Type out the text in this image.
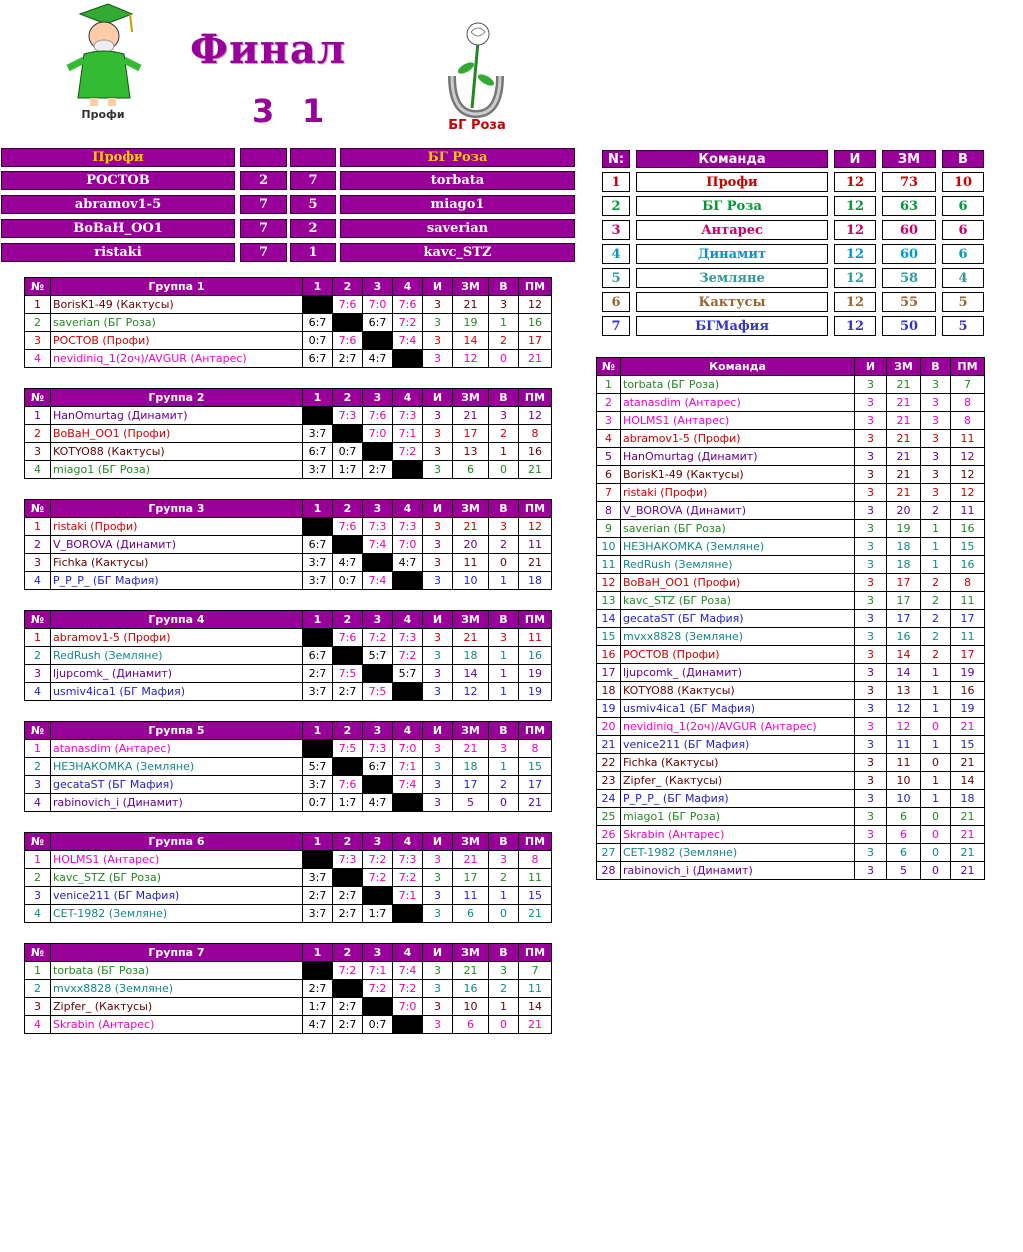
Профи
Финал
3 1	БГ Роза
Профи	БГ Роза
РОСТОВ	2	7	torbata
abramov1-5	7	5	miago1
BoBaH_OO1	7	2	saverian
ristaki	7	1	kavc_STZ
N:	Команда	И	ЗМ	В
1	Профи	12	73	10
2	БГ Роза	12	63	6
3	Антарес	12	60	6
4	Динамит	12	60	6
5	Земляне	12	58	4
6	Кактусы	12	55	5
7	БГМафия	12	50	5
№	Группа 1	1	2	3	4	И	ЗМ	В	ПМ
1	BorisK1-49 (Кактусы)		7:6	7:0	7:6	3	21	3	12
2	saverian (БГ Роза)	6:7		6:7	7:2	3	19	1	16
3	РОСТОВ (Профи)	0:7	7:6		7:4	3	14	2	17
4	nevidiniq_1(2оч)/AVGUR (Антарес)	6:7	2:7	4:7		3	12	0	21
№	Группа 2	1	2	3	4	И	ЗМ	В	ПМ
1	HanOmurtag (Динамит)		7:3	7:6	7:3	3	21	3	12
2	BoBaH_OO1 (Профи)	3:7		7:0	7:1	3	17	2	8
3	KOTYO88 (Кактусы)	6:7	0:7		7:2	3	13	1	16
4	miago1 (БГ Роза)	3:7	1:7	2:7		3	6	0	21
№	Группа 3	1	2	3	4	И	ЗМ	В	ПМ
1	ristaki (Профи)		7:6	7:3	7:3	3	21	3	12
2	V_BOROVA (Динамит)	6:7		7:4	7:0	3	20	2	11
3	Fichka (Кактусы)	3:7	4:7		4:7	3	11	0	21
4	P_P_P_ (БГ Мафия)	3:7	0:7	7:4		3	10	1	18
№	Группа 4	1	2	3	4	И	ЗМ	В	ПМ
1	abramov1-5 (Профи)		7:6	7:2	7:3	3	21	3	11
2	RedRush (Земляне)	6:7		5:7	7:2	3	18	1	16
3	ljupcomk_ (Динамит)	2:7	7:5		5:7	3	14	1	19
4	usmiv4ica1 (БГ Мафия)	3:7	2:7	7:5		3	12	1	19
№	Группа 5	1	2	3	4	И	ЗМ	В	ПМ
1	atanasdim (Антарес)		7:5	7:3	7:0	3	21	3	8
2	НЕЗНАКОМКА (Земляне)	5:7		6:7	7:1	3	18	1	15
3	gecataST (БГ Мафия)	3:7	7:6		7:4	3	17	2	17
4	rabinovich_i (Динамит)	0:7	1:7	4:7		3	5	0	21
№	Группа 6	1	2	3	4	И	ЗМ	В	ПМ
1	HOLMS1 (Антарес)		7:3	7:2	7:3	3	21	3	8
2	kavc_STZ (БГ Роза)	3:7		7:2	7:2	3	17	2	11
3	venice211 (БГ Мафия)	2:7	2:7		7:1	3	11	1	15
4	CET-1982 (Земляне)	3:7	2:7	1:7		3	6	0	21
№	Группа 7	1	2	3	4	И	ЗМ	В	ПМ
1	torbata (БГ Роза)		7:2	7:1	7:4	3	21	3	7
2	mvxx8828 (Земляне)	2:7		7:2	7:2	3	16	2	11
3	Zipfer_ (Кактусы)	1:7	2:7		7:0	3	10	1	14
4	Skrabin (Антарес)	4:7	2:7	0:7		3	6	0	21
№	Команда	И	ЗМ	В	ПМ
1	torbata (БГ Роза)	3	21	3	7
2	atanasdim (Антарес)	3	21	3	8
3	HOLMS1 (Антарес)	3	21	3	8
4	abramov1-5 (Профи)	3	21	3	11
5	HanOmurtag (Динамит)	3	21	3	12
6	BorisK1-49 (Кактусы)	3	21	3	12
7	ristaki (Профи)	3	21	3	12
8	V_BOROVA (Динамит)	3	20	2	11
9	saverian (БГ Роза)	3	19	1	16
10	НЕЗНАКОМКА (Земляне)	3	18	1	15
11	RedRush (Земляне)	3	18	1	16
12	BoBaH_OO1 (Профи)	3	17	2	8
13	kavc_STZ (БГ Роза)	3	17	2	11
14	gecataST (БГ Мафия)	3	17	2	17
15	mvxx8828 (Земляне)	3	16	2	11
16	РОСТОВ (Профи)	3	14	2	17
17	ljupcomk_ (Динамит)	3	14	1	19
18	KOTYO88 (Кактусы)	3	13	1	16
19	usmiv4ica1 (БГ Мафия)	3	12	1	19
20	nevidiniq_1(2оч)/AVGUR (Антарес)	3	12	0	21
21	venice211 (БГ Мафия)	3	11	1	15
22	Fichka (Кактусы)	3	11	0	21
23	Zipfer_ (Кактусы)	3	10	1	14
24	P_P_P_ (БГ Мафия)	3	10	1	18
25	miago1 (БГ Роза)	3	6	0	21
26	Skrabin (Антарес)	3	6	0	21
27	CET-1982 (Земляне)	3	6	0	21
28	rabinovich_i (Динамит)	3	5	0	21
